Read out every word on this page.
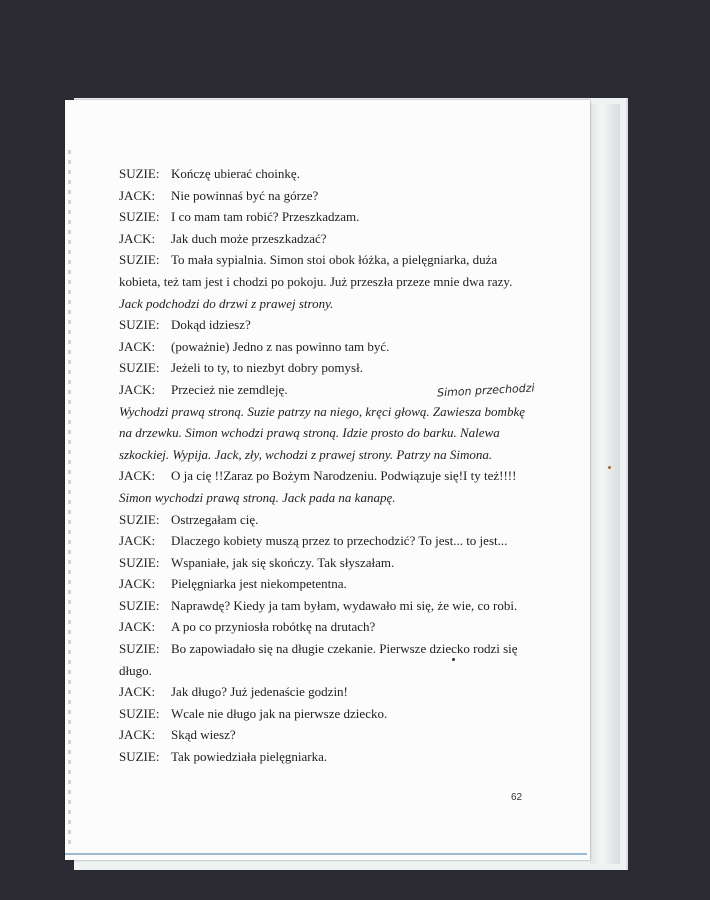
SUZIE: Kończę ubierać choinkę.
JACK: Nie powinnaś być na górze?
SUZIE: I co mam tam robić? Przeszkadzam.
JACK: Jak duch może przeszkadzać?
SUZIE: To mała sypialnia. Simon stoi obok łóżka, a pielęgniarka, duża
kobieta, też tam jest i chodzi po pokoju. Już przeszła przeze mnie dwa razy.
Jack podchodzi do drzwi z prawej strony.
SUZIE: Dokąd idziesz?
JACK: (poważnie) Jedno z nas powinno tam być.
SUZIE: Jeżeli to ty, to niezbyt dobry pomysł.
JACK: Przecież nie zemdleję.
Wychodzi prawą stroną. Suzie patrzy na niego, kręci głową. Zawiesza bombkę
na drzewku. Simon wchodzi prawą stroną. Idzie prosto do barku. Nalewa
szkockiej. Wypija. Jack, zły, wchodzi z prawej strony. Patrzy na Simona.
JACK: O ja cię !!Zaraz po Bożym Narodzeniu. Podwiązuje się!I ty też!!!!
Simon wychodzi prawą stroną. Jack pada na kanapę.
SUZIE: Ostrzegałam cię.
JACK: Dlaczego kobiety muszą przez to przechodzić? To jest... to jest...
SUZIE: Wspaniałe, jak się skończy. Tak słyszałam.
JACK: Pielęgniarka jest niekompetentna.
SUZIE: Naprawdę? Kiedy ja tam byłam, wydawało mi się, że wie, co robi.
JACK: A po co przyniosła robótkę na drutach?
SUZIE: Bo zapowiadało się na długie czekanie. Pierwsze dziecko rodzi się
długo.
JACK: Jak długo? Już jedenaście godzin!
SUZIE: Wcale nie długo jak na pierwsze dziecko.
JACK: Skąd wiesz?
SUZIE: Tak powiedziała pielęgniarka.
Simon przechodzi
62
